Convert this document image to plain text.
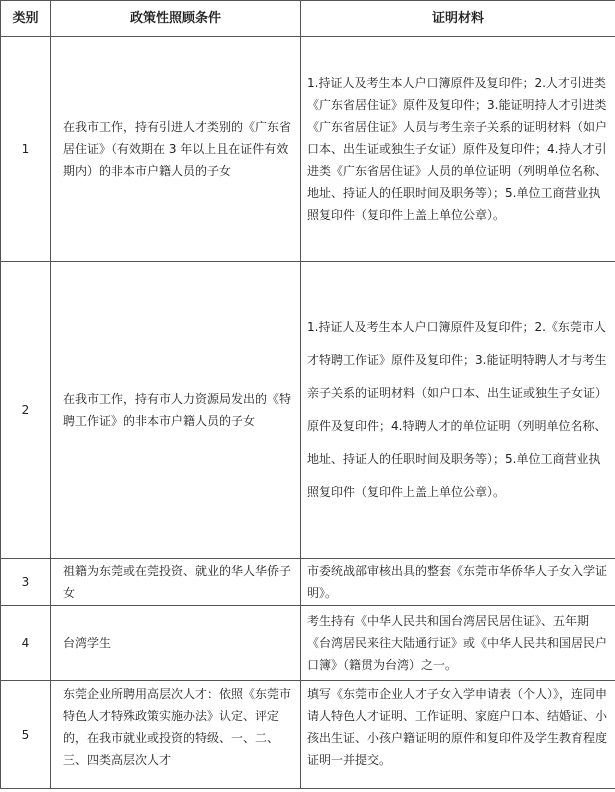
类别	政策性照顾条件	证明材料
1	在我市工作，持有引进人才类别的《广东省居住证》（有效期在 3 年以上且在证件有效期内）的非本市户籍人员的子女	1.持证人及考生本人户口簿原件及复印件；2.人才引进类《广东省居住证》原件及复印件；3.能证明持人才引进类《广东省居住证》人员与考生亲子关系的证明材料（如户口本、出生证或独生子女证）原件及复印件；4.持人才引进类《广东省居住证》人员的单位证明（列明单位名称、地址、持证人的任职时间及职务等）；5.单位工商营业执照复印件（复印件上盖上单位公章）。
2	在我市工作，持有市人力资源局发出的《特聘工作证》的非本市户籍人员的子女	1.持证人及考生本人户口簿原件及复印件；2.《东莞市人才特聘工作证》原件及复印件；3.能证明特聘人才与考生亲子关系的证明材料（如户口本、出生证或独生子女证）原件及复印件；4.特聘人才的单位证明（列明单位名称、地址、持证人的任职时间及职务等）；5.单位工商营业执照复印件（复印件上盖上单位公章）。
3	祖籍为东莞或在莞投资、就业的华人华侨子女	市委统战部审核出具的整套《东莞市华侨华人子女入学证明》。
4	台湾学生	考生持有《中华人民共和国台湾居民居住证》、五年期《台湾居民来往大陆通行证》或《中华人民共和国居民户口簿》（籍贯为台湾）之一。
5	东莞企业所聘用高层次人才：依照《东莞市特色人才特殊政策实施办法》认定、评定的，在我市就业或投资的特级、一、二、三、四类高层次人才	填写《东莞市企业人才子女入学申请表（个人）》，连同申请人特色人才证明、工作证明、家庭户口本、结婚证、小孩出生证、小孩户籍证明的原件和复印件及学生教育程度证明一并提交。
